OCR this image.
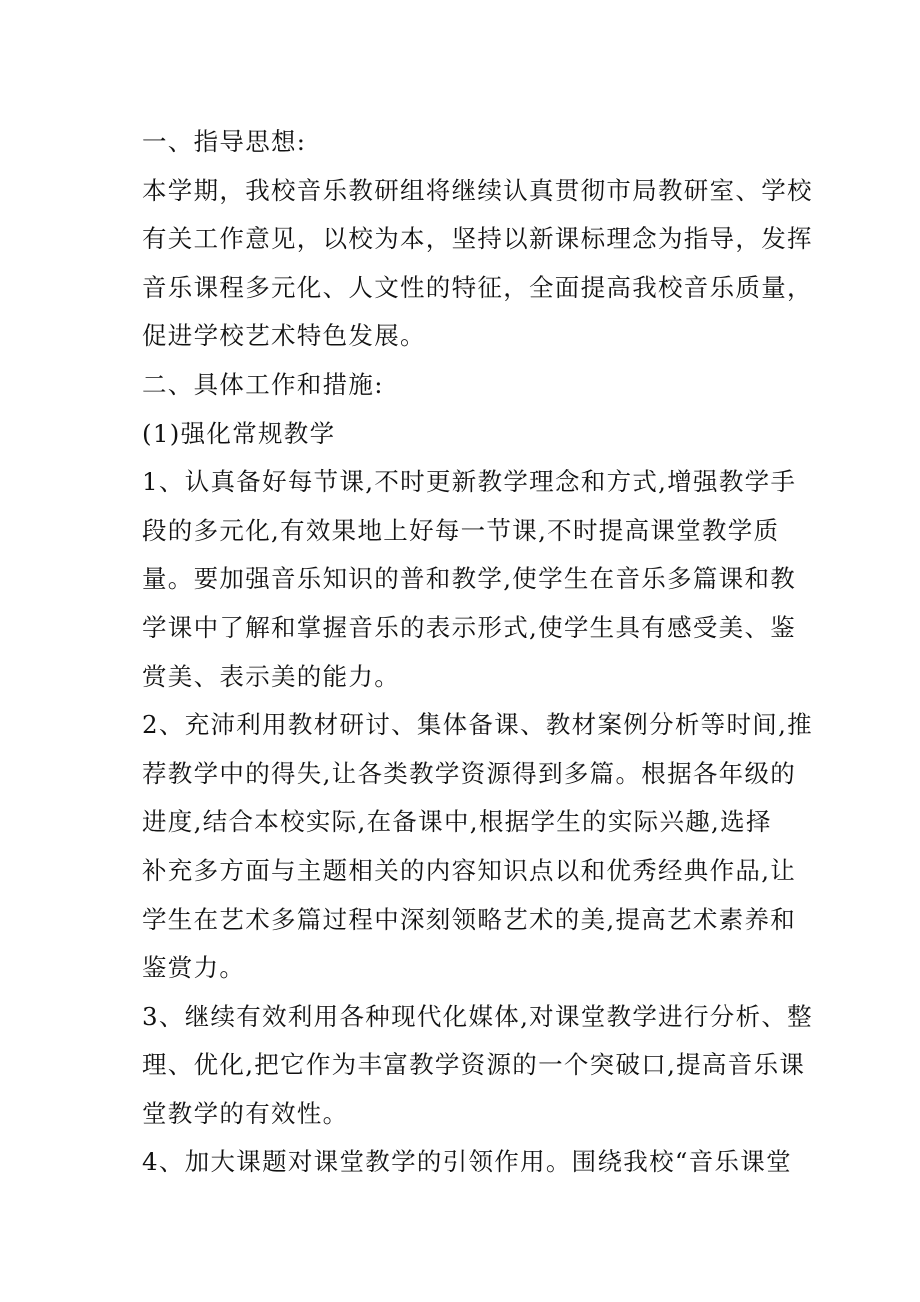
一、指导思想:
本学期，我校音乐教研组将继续认真贯彻市局教研室、学校
有关工作意见，以校为本，坚持以新课标理念为指导，发挥
音乐课程多元化、人文性的特征，全面提高我校音乐质量，
促进学校艺术特色发展。
二、具体工作和措施:
(1)强化常规教学
1、认真备好每节课,不时更新教学理念和方式,增强教学手
段的多元化,有效果地上好每一节课,不时提高课堂教学质
量。要加强音乐知识的普和教学,使学生在音乐多篇课和教
学课中了解和掌握音乐的表示形式,使学生具有感受美、鉴
赏美、表示美的能力。
2、充沛利用教材研讨、集体备课、教材案例分析等时间,推
荐教学中的得失,让各类教学资源得到多篇。根据各年级的
进度,结合本校实际,在备课中,根据学生的实际兴趣,选择
补充多方面与主题相关的内容知识点以和优秀经典作品,让
学生在艺术多篇过程中深刻领略艺术的美,提高艺术素养和
鉴赏力。
3、继续有效利用各种现代化媒体,对课堂教学进行分析、整
理、优化,把它作为丰富教学资源的一个突破口,提高音乐课
堂教学的有效性。
4、加大课题对课堂教学的引领作用。围绕我校“音乐课堂
